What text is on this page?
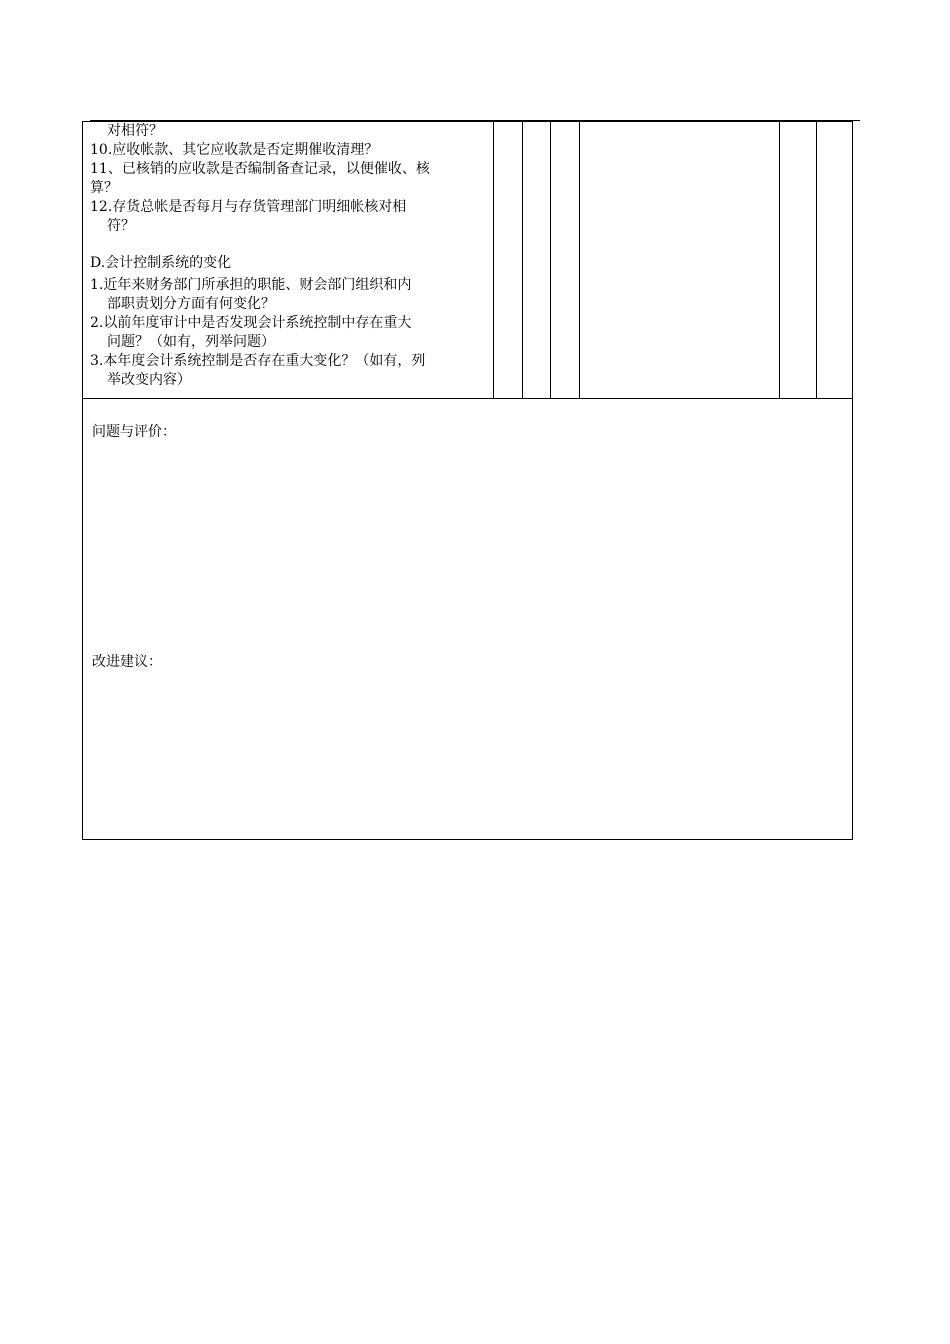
对相符？
10.应收帐款、其它应收款是否定期催收清理？
11、已核销的应收款是否编制备查记录，以便催收、核
算？
12.存货总帐是否每月与存货管理部门明细帐核对相
符？
D.会计控制系统的变化
1.近年来财务部门所承担的职能、财会部门组织和内
部职责划分方面有何变化？
2.以前年度审计中是否发现会计系统控制中存在重大
问题？（如有，列举问题）
3.本年度会计系统控制是否存在重大变化？（如有，列
举改变内容）

问题与评价：
改进建议：
